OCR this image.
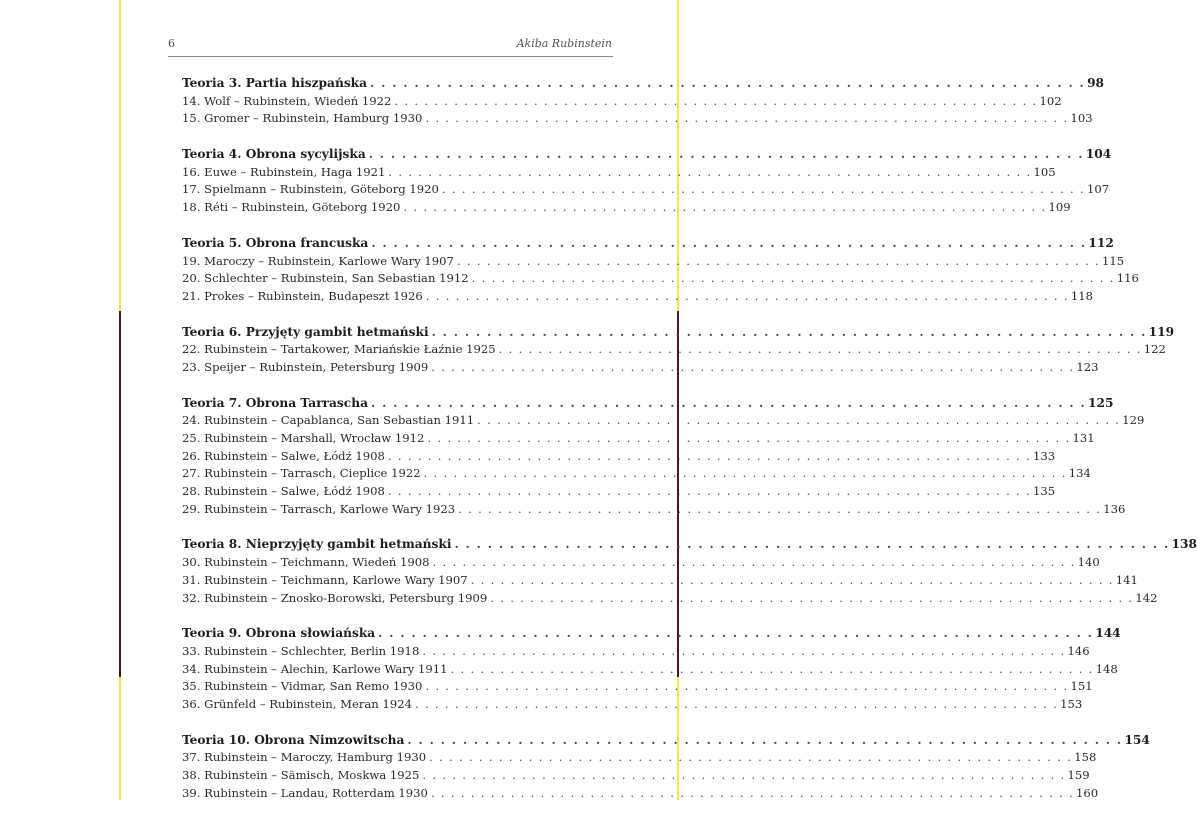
6	Akiba Rubinstein
Teoria 3. Partia hiszpańska . . . . . . . . . . . . . . . . . . . . . . . . . . . . . . . . . . . . . . . . . . . . . . . . . . . . . . . . . . . . . . . . . 98
14. Wolf – Rubinstein, Wiedeń 1922 . . . . . . . . . . . . . . . . . . . . . . . . . . . . . . . . . . . . . . . . . . . . . . . . . . . . . . . . . . . . . . . . . 102
15. Gromer – Rubinstein, Hamburg 1930 . . . . . . . . . . . . . . . . . . . . . . . . . . . . . . . . . . . . . . . . . . . . . . . . . . . . . . . . . . . . . . . . . 103
Teoria 4. Obrona sycylijska . . . . . . . . . . . . . . . . . . . . . . . . . . . . . . . . . . . . . . . . . . . . . . . . . . . . . . . . . . . . . . . . . 104
16. Euwe – Rubinstein, Haga 1921 . . . . . . . . . . . . . . . . . . . . . . . . . . . . . . . . . . . . . . . . . . . . . . . . . . . . . . . . . . . . . . . . . 105
17. Spielmann – Rubinstein, Göteborg 1920 . . . . . . . . . . . . . . . . . . . . . . . . . . . . . . . . . . . . . . . . . . . . . . . . . . . . . . . . . . . . . . . . . 107
18. Réti – Rubinstein, Göteborg 1920 . . . . . . . . . . . . . . . . . . . . . . . . . . . . . . . . . . . . . . . . . . . . . . . . . . . . . . . . . . . . . . . . . 109
Teoria 5. Obrona francuska . . . . . . . . . . . . . . . . . . . . . . . . . . . . . . . . . . . . . . . . . . . . . . . . . . . . . . . . . . . . . . . . . 112
19. Maroczy – Rubinstein, Karlowe Wary 1907 . . . . . . . . . . . . . . . . . . . . . . . . . . . . . . . . . . . . . . . . . . . . . . . . . . . . . . . . . . . . . . . . . 115
20. Schlechter – Rubinstein, San Sebastian 1912 . . . . . . . . . . . . . . . . . . . . . . . . . . . . . . . . . . . . . . . . . . . . . . . . . . . . . . . . . . . . . . . . . 116
21. Prokes – Rubinstein, Budapeszt 1926 . . . . . . . . . . . . . . . . . . . . . . . . . . . . . . . . . . . . . . . . . . . . . . . . . . . . . . . . . . . . . . . . . 118
Teoria 6. Przyjęty gambit hetmański . . . . . . . . . . . . . . . . . . . . . . . . . . . . . . . . . . . . . . . . . . . . . . . . . . . . . . . . . . . . . . . . . 119
22. Rubinstein – Tartakower, Mariańskie Łaźnie 1925 . . . . . . . . . . . . . . . . . . . . . . . . . . . . . . . . . . . . . . . . . . . . . . . . . . . . . . . . . . . . . . . . . 122
23. Speijer – Rubinstein, Petersburg 1909 . . . . . . . . . . . . . . . . . . . . . . . . . . . . . . . . . . . . . . . . . . . . . . . . . . . . . . . . . . . . . . . . . 123
Teoria 7. Obrona Tarrascha . . . . . . . . . . . . . . . . . . . . . . . . . . . . . . . . . . . . . . . . . . . . . . . . . . . . . . . . . . . . . . . . . 125
24. Rubinstein – Capablanca, San Sebastian 1911 . . . . . . . . . . . . . . . . . . . . . . . . . . . . . . . . . . . . . . . . . . . . . . . . . . . . . . . . . . . . . . . . . 129
25. Rubinstein – Marshall, Wrocław 1912 . . . . . . . . . . . . . . . . . . . . . . . . . . . . . . . . . . . . . . . . . . . . . . . . . . . . . . . . . . . . . . . . . 131
26. Rubinstein – Salwe, Łódź 1908 . . . . . . . . . . . . . . . . . . . . . . . . . . . . . . . . . . . . . . . . . . . . . . . . . . . . . . . . . . . . . . . . . 133
27. Rubinstein – Tarrasch, Cieplice 1922 . . . . . . . . . . . . . . . . . . . . . . . . . . . . . . . . . . . . . . . . . . . . . . . . . . . . . . . . . . . . . . . . . 134
28. Rubinstein – Salwe, Łódź 1908 . . . . . . . . . . . . . . . . . . . . . . . . . . . . . . . . . . . . . . . . . . . . . . . . . . . . . . . . . . . . . . . . . 135
29. Rubinstein – Tarrasch, Karlowe Wary 1923 . . . . . . . . . . . . . . . . . . . . . . . . . . . . . . . . . . . . . . . . . . . . . . . . . . . . . . . . . . . . . . . . . 136
Teoria 8. Nieprzyjęty gambit hetmański . . . . . . . . . . . . . . . . . . . . . . . . . . . . . . . . . . . . . . . . . . . . . . . . . . . . . . . . . . . . . . . . . 138
30. Rubinstein – Teichmann, Wiedeń 1908 . . . . . . . . . . . . . . . . . . . . . . . . . . . . . . . . . . . . . . . . . . . . . . . . . . . . . . . . . . . . . . . . . 140
31. Rubinstein – Teichmann, Karlowe Wary 1907 . . . . . . . . . . . . . . . . . . . . . . . . . . . . . . . . . . . . . . . . . . . . . . . . . . . . . . . . . . . . . . . . . 141
32. Rubinstein – Znosko-Borowski, Petersburg 1909 . . . . . . . . . . . . . . . . . . . . . . . . . . . . . . . . . . . . . . . . . . . . . . . . . . . . . . . . . . . . . . . . . 142
Teoria 9. Obrona słowiańska . . . . . . . . . . . . . . . . . . . . . . . . . . . . . . . . . . . . . . . . . . . . . . . . . . . . . . . . . . . . . . . . . 144
33. Rubinstein – Schlechter, Berlin 1918 . . . . . . . . . . . . . . . . . . . . . . . . . . . . . . . . . . . . . . . . . . . . . . . . . . . . . . . . . . . . . . . . . 146
34. Rubinstein – Alechin, Karlowe Wary 1911 . . . . . . . . . . . . . . . . . . . . . . . . . . . . . . . . . . . . . . . . . . . . . . . . . . . . . . . . . . . . . . . . . 148
35. Rubinstein – Vidmar, San Remo 1930 . . . . . . . . . . . . . . . . . . . . . . . . . . . . . . . . . . . . . . . . . . . . . . . . . . . . . . . . . . . . . . . . . 151
36. Grünfeld – Rubinstein, Meran 1924 . . . . . . . . . . . . . . . . . . . . . . . . . . . . . . . . . . . . . . . . . . . . . . . . . . . . . . . . . . . . . . . . . 153
Teoria 10. Obrona Nimzowitscha . . . . . . . . . . . . . . . . . . . . . . . . . . . . . . . . . . . . . . . . . . . . . . . . . . . . . . . . . . . . . . . . . 154
37. Rubinstein – Maroczy, Hamburg 1930 . . . . . . . . . . . . . . . . . . . . . . . . . . . . . . . . . . . . . . . . . . . . . . . . . . . . . . . . . . . . . . . . . 158
38. Rubinstein – Sämisch, Moskwa 1925 . . . . . . . . . . . . . . . . . . . . . . . . . . . . . . . . . . . . . . . . . . . . . . . . . . . . . . . . . . . . . . . . . 159
39. Rubinstein – Landau, Rotterdam 1930 . . . . . . . . . . . . . . . . . . . . . . . . . . . . . . . . . . . . . . . . . . . . . . . . . . . . . . . . . . . . . . . . . 160
